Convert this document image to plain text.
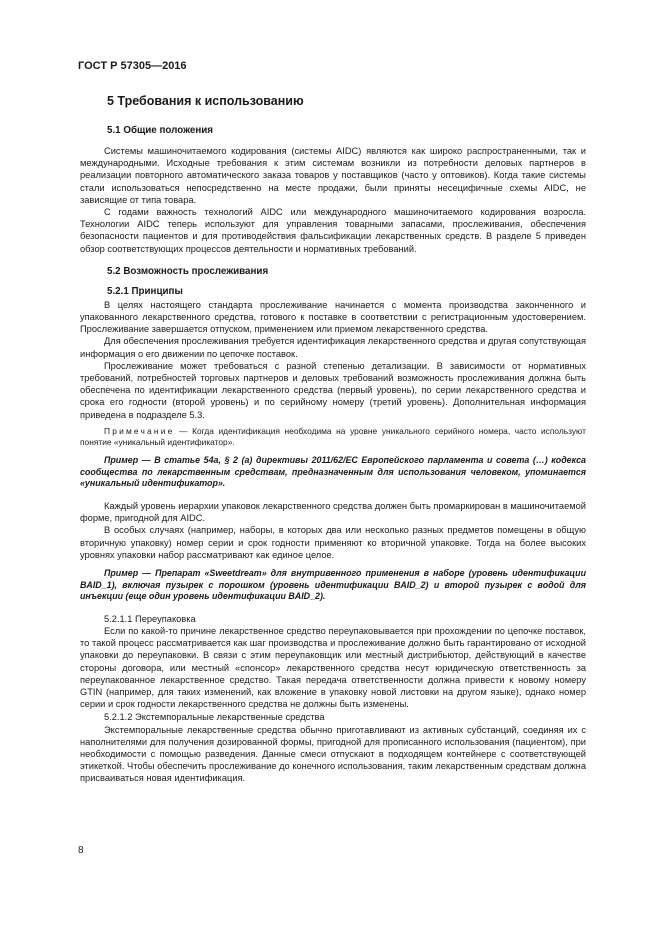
ГОСТ Р 57305—2016
5 Требования к использованию
5.1 Общие положения

Системы машиночитаемого кодирования (системы AIDC) являются как широко распространенными, так и международными. Исходные требования к этим системам возникли из потребности деловых партнеров в реализации повторного автоматического заказа товаров у поставщиков (часто у оптовиков). Когда такие системы стали использоваться непосредственно на месте продажи, были приняты несецифичные схемы AIDC, не зависящие от типа товара.

С годами важность технологий AIDC или международного машиночитаемого кодирования возросла. Технологии AIDC теперь используют для управления товарными запасами, прослеживания, обеспечения безопасности пациентов и для противодействия фальсификации лекарственных средств. В разделе 5 приведен обзор соответствующих процессов деятельности и нормативных требований.

5.2 Возможность прослеживания
5.2.1 Принципы

В целях настоящего стандарта прослеживание начинается с момента производства законченного и упакованного лекарственного средства, готового к поставке в соответствии с регистрационным удостоверением. Прослеживание завершается отпуском, применением или приемом лекарственного средства.

Для обеспечения прослеживания требуется идентификация лекарственного средства и другая сопутствующая информация о его движении по цепочке поставок.

Прослеживание может требоваться с разной степенью детализации. В зависимости от нормативных требований, потребностей торговых партнеров и деловых требований возможность прослеживания должна быть обеспечена по идентификации лекарственного средства (первый уровень), по серии лекарственного средства и срока его годности (второй уровень) и по серийному номеру (третий уровень). Дополнительная информация приведена в подразделе 5.3.

Примечание — Когда идентификация необходима на уровне уникального серийного номера, часто используют понятие «уникальный идентификатор».

Пример — В статье 54а, § 2 (а) директивы 2011/62/ЕС Европейского парламента и совета (…) кодекса сообщества по лекарственным средствам, предназначенным для использования человеком, упоминается «уникальный идентификатор».

Каждый уровень иерархии упаковок лекарственного средства должен быть промаркирован в машиночитаемой форме, пригодной для AIDC.

В особых случаях (например, наборы, в которых два или несколько разных предметов помещены в общую вторичную упаковку) номер серии и срок годности применяют ко вторичной упаковке. Тогда на более высоких уровнях упаковки набор рассматривают как единое целое.

Пример — Препарат «Sweetdream» для внутривенного применения в наборе (уровень идентификации BAID_1), включая пузырек с порошком (уровень идентификации BAID_2) и второй пузырек с водой для инъекции (еще один уровень идентификации BAID_2).

5.2.1.1 Переупаковка

Если по какой-то причине лекарственное средство переупаковывается при прохождении по цепочке поставок, то такой процесс рассматривается как шаг производства и прослеживание должно быть гарантировано от исходной упаковки до переупаковки. В связи с этим переупаковщик или местный дистрибьютор, действующий в качестве стороны договора, или местный «спонсор» лекарственного средства несут юридическую ответственность за переупакованное лекарственное средство. Такая передача ответственности должна привести к новому номеру GTIN (например, для таких изменений, как вложение в упаковку новой листовки на другом языке), однако номер серии и срок годности лекарственного средства не должны быть изменены.

5.2.1.2 Экстемпоральные лекарственные средства

Экстемпоральные лекарственные средства обычно приготавливают из активных субстанций, соединяя их с наполнителями для получения дозированной формы, пригодной для прописанного использования (пациентом), при необходимости с помощью разведения. Данные смеси отпускают в подходящем контейнере с соответствующей этикеткой. Чтобы обеспечить прослеживание до конечного использования, таким лекарственным средствам должна присваиваться новая идентификация.

8
